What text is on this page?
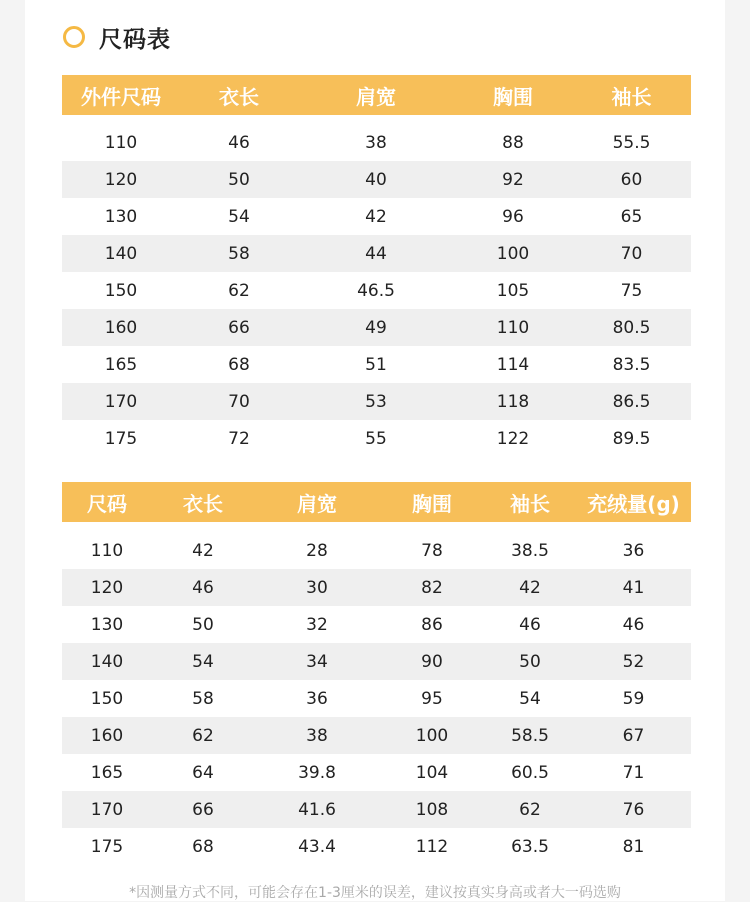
尺码表
外件尺码	衣长	肩宽	胸围	袖长
110	46	38	88	55.5
120	50	40	92	60
130	54	42	96	65
140	58	44	100	70
150	62	46.5	105	75
160	66	49	110	80.5
165	68	51	114	83.5
170	70	53	118	86.5
175	72	55	122	89.5
尺码	衣长	肩宽	胸围	袖长	充绒量(g)
110	42	28	78	38.5	36
120	46	30	82	42	41
130	50	32	86	46	46
140	54	34	90	50	52
150	58	36	95	54	59
160	62	38	100	58.5	67
165	64	39.8	104	60.5	71
170	66	41.6	108	62	76
175	68	43.4	112	63.5	81
*因测量方式不同，可能会存在1-3厘米的误差，建议按真实身高或者大一码选购
